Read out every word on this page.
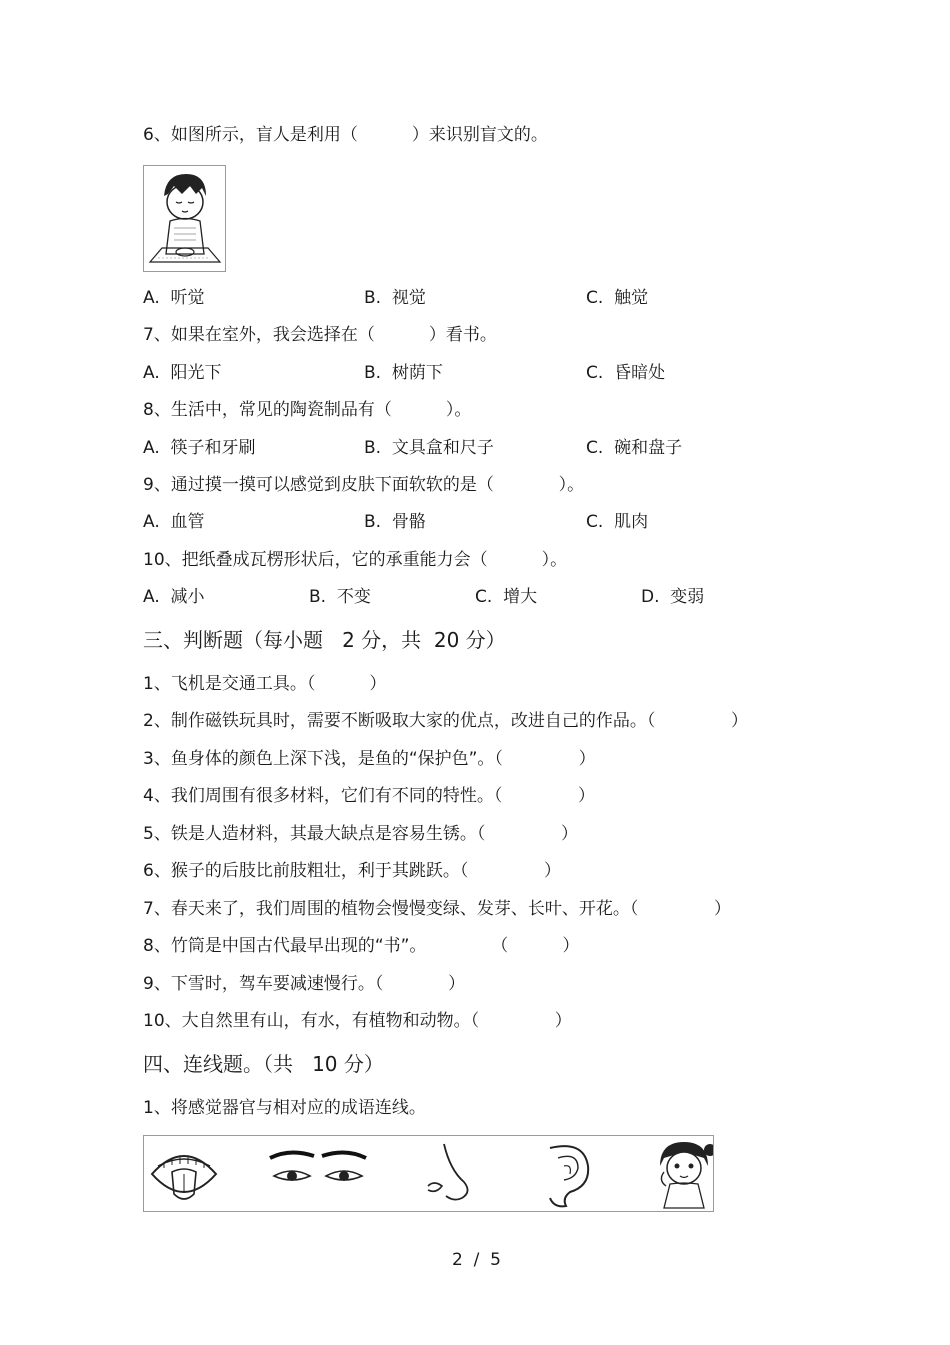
6、如图所示，盲人是利用（          ）来识别盲文的。
A.  听觉	B.  视觉	C.  触觉
7、如果在室外，我会选择在（          ）看书。
A.  阳光下	B.  树荫下	C.  昏暗处
8、生活中，常见的陶瓷制品有（          ）。
A.  筷子和牙刷	B.  文具盒和尺子	C.  碗和盘子
9、通过摸一摸可以感觉到皮肤下面软软的是（            ）。
A.  血管	B.  骨骼	C.  肌肉
10、把纸叠成瓦楞形状后，它的承重能力会（          ）。
A.  减小	B.  不变	C.  增大	D.  变弱
三、判断题（每小题   2 分，共  20 分）
1、飞机是交通工具。（          ）
2、制作磁铁玩具时，需要不断吸取大家的优点，改进自己的作品。（              ）
3、鱼身体的颜色上深下浅，是鱼的“保护色”。（              ）
4、我们周围有很多材料，它们有不同的特性。（              ）
5、铁是人造材料，其最大缺点是容易生锈。（              ）
6、猴子的后肢比前肢粗壮，利于其跳跃。（              ）
7、春天来了，我们周围的植物会慢慢变绿、发芽、长叶、开花。（              ）
8、竹筒是中国古代最早出现的“书”。            （          ）
9、下雪时，驾车要减速慢行。（            ）
10、大自然里有山，有水，有植物和动物。（              ）
四、连线题。（共   10 分）
1、将感觉器官与相对应的成语连线。
2  /  5
